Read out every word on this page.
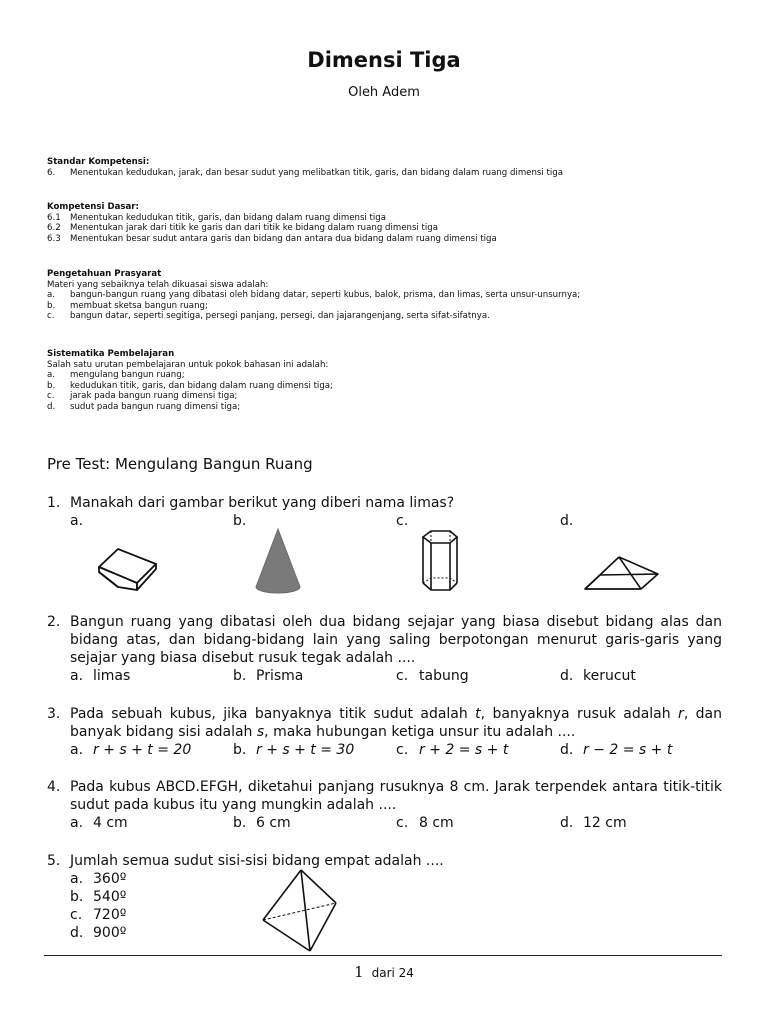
Dimensi Tiga
Oleh Adem
Standar Kompetensi:
6. Menentukan kedudukan, jarak, dan besar sudut yang melibatkan titik, garis, dan bidang dalam ruang dimensi tiga
Kompetensi Dasar:
6.1 Menentukan kedudukan titik, garis, dan bidang dalam ruang dimensi tiga
6.2 Menentukan jarak dari titik ke garis dan dari titik ke bidang dalam ruang dimensi tiga
6.3 Menentukan besar sudut antara garis dan bidang dan antara dua bidang dalam ruang dimensi tiga
Pengetahuan Prasyarat
Materi yang sebaiknya telah dikuasai siswa adalah:
a. bangun-bangun ruang yang dibatasi oleh bidang datar, seperti kubus, balok, prisma, dan limas, serta unsur-unsurnya;
b. membuat sketsa bangun ruang;
c. bangun datar, seperti segitiga, persegi panjang, persegi, dan jajarangenjang, serta sifat-sifatnya.
Sistematika Pembelajaran
Salah satu urutan pembelajaran untuk pokok bahasan ini adalah:
a. mengulang bangun ruang;
b. kedudukan titik, garis, dan bidang dalam ruang dimensi tiga;
c. jarak pada bangun ruang dimensi tiga;
d. sudut pada bangun ruang dimensi tiga;
Pre Test: Mengulang Bangun Ruang
1. Manakah dari gambar berikut yang diberi nama limas?
a.	b.	c.	d.
2. Bangun ruang yang dibatasi oleh dua bidang sejajar yang biasa disebut bidang alas dan bidang atas, dan bidang-bidang lain yang saling berpotongan menurut garis-garis yang sejajar yang biasa disebut rusuk tegak adalah ....
a. limas	b. Prisma	c. tabung	d. kerucut
3. Pada sebuah kubus, jika banyaknya titik sudut adalah t, banyaknya rusuk adalah r, dan banyak bidang sisi adalah s, maka hubungan ketiga unsur itu adalah ....
a. r + s + t = 20	b. r + s + t = 30	c. r + 2 = s + t	d. r − 2 = s + t
4. Pada kubus ABCD.EFGH, diketahui panjang rusuknya 8 cm. Jarak terpendek antara titik-titik sudut pada kubus itu yang mungkin adalah ....
a. 4 cm	b. 6 cm	c. 8 cm	d. 12 cm
5. Jumlah semua sudut sisi-sisi bidang empat adalah ....
a. 360º
b. 540º
c. 720º
d. 900º
1 dari 24
